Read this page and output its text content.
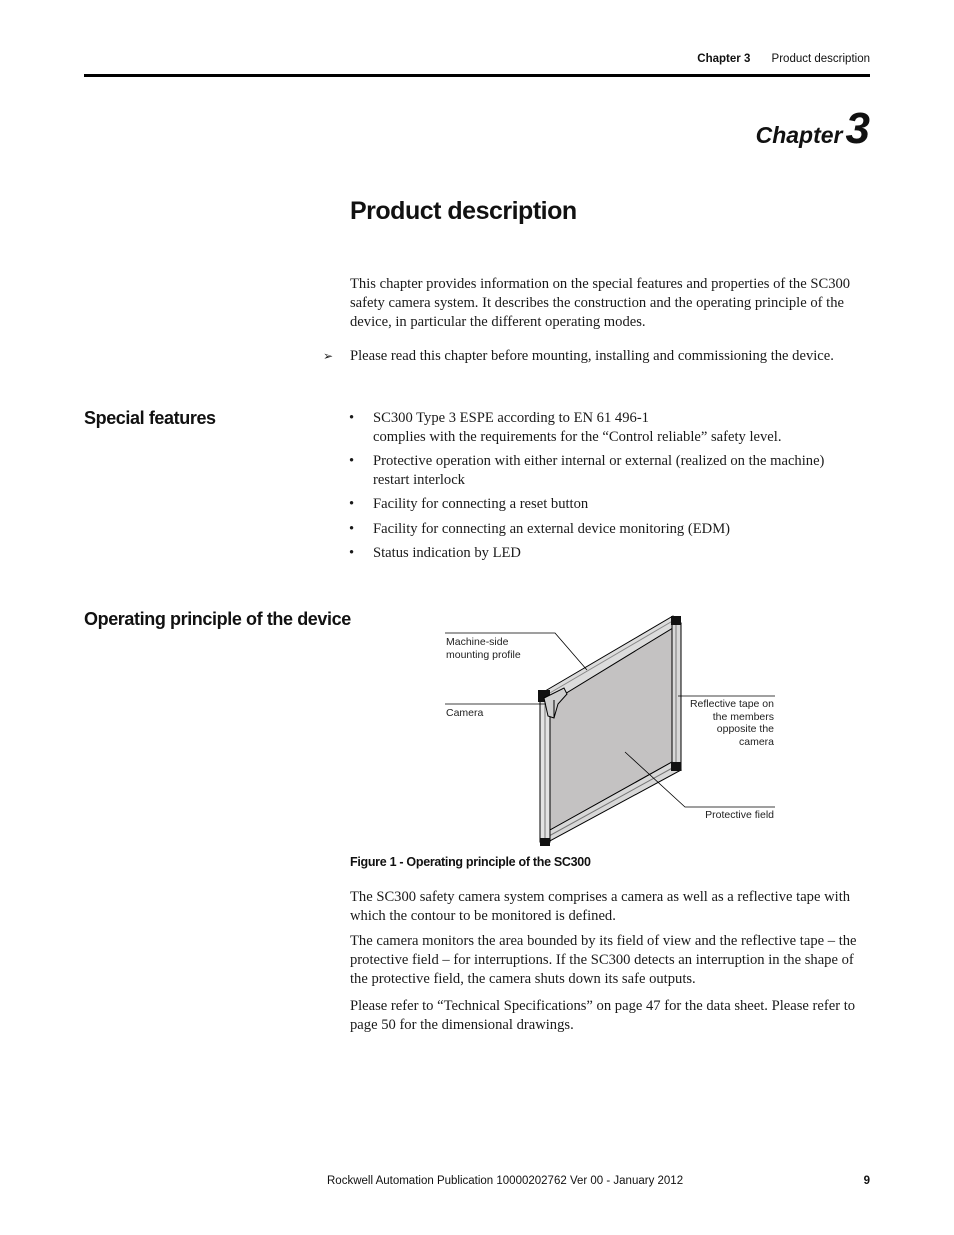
Chapter 3 Product description
Chapter3
Product description

This chapter provides information on the special features and properties of the SC300 safety camera system. It describes the construction and the operating principle of the device, in particular the different operating modes.

➢ Please read this chapter before mounting, installing and commissioning the device.
Special features	• SC300 Type 3 ESPE according to EN 61 496-1
complies with the requirements for the “Control reliable” safety level.
• Protective operation with either internal or external (realized on the machine)
restart interlock
• Facility for connecting a reset button
• Facility for connecting an external device monitoring (EDM)
• Status indication by LED
Operating principle of the device
Machine-side
mounting profile
Camera
Reflective tape on
the members
opposite the
camera
Protective field

Figure 1 - Operating principle of the SC300

The SC300 safety camera system comprises a camera as well as a reflective tape with which the contour to be monitored is defined.

The camera monitors the area bounded by its field of view and the reflective tape – the protective field – for interruptions. If the SC300 detects an interruption in the shape of the protective field, the camera shuts down its safe outputs.

Please refer to “Technical Specifications” on page 47 for the data sheet. Please refer to page 50 for the dimensional drawings.

Rockwell Automation Publication 10000202762 Ver 00 - January 2012	9
